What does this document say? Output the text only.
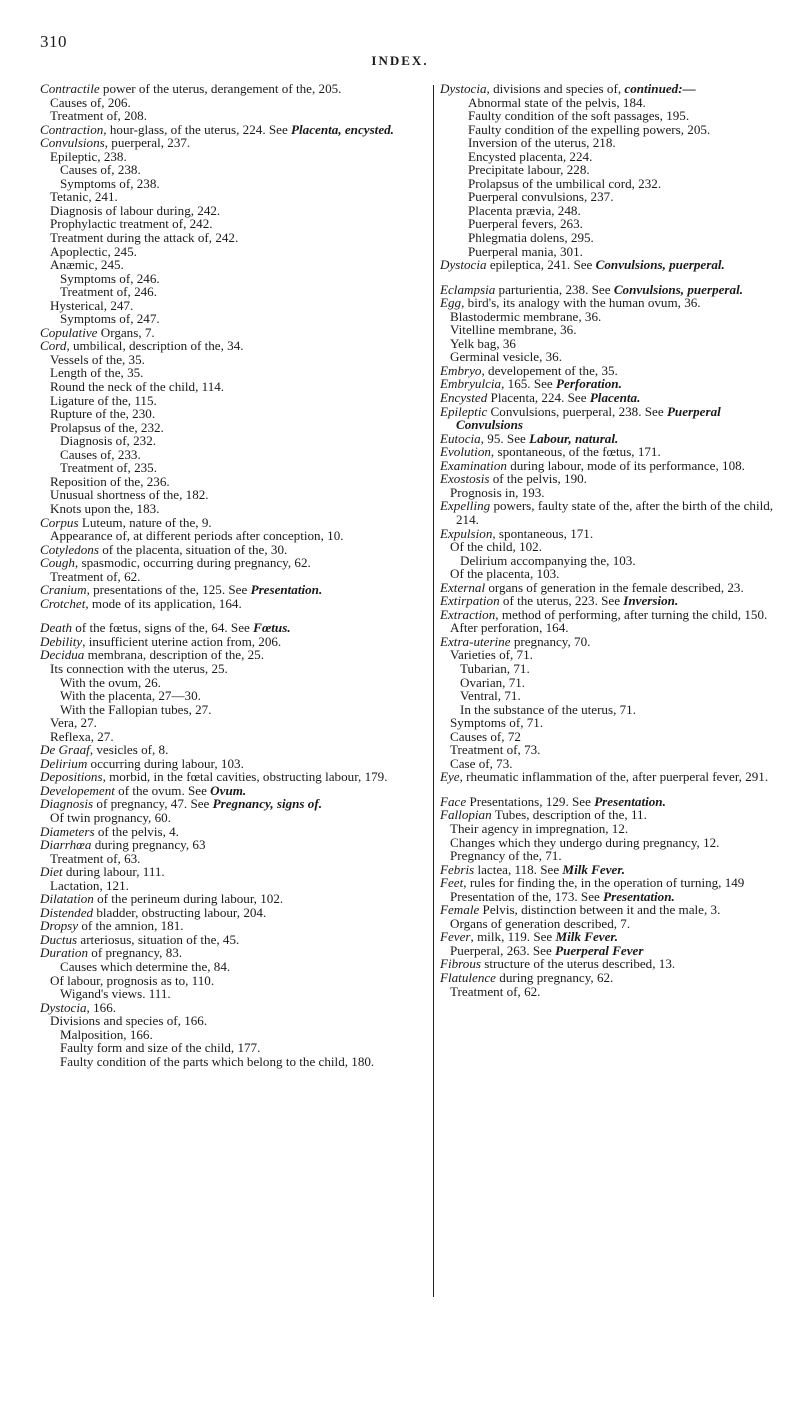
310
INDEX.
Contractile power of the uterus, derangement of the, 205.
Causes of, 206.
Treatment of, 208.
Contraction, hour-glass, of the uterus, 224. See Placenta, encysted.
Convulsions, puerperal, 237.
Epileptic, 238.
Causes of, 238.
Symptoms of, 238.
Tetanic, 241.
Diagnosis of labour during, 242.
Prophylactic treatment of, 242.
Treatment during the attack of, 242.
Apoplectic, 245.
Anæmic, 245.
Symptoms of, 246.
Treatment of, 246.
Hysterical, 247.
Symptoms of, 247.
Copulative Organs, 7.
Cord, umbilical, description of the, 34.
Vessels of the, 35.
Length of the, 35.
Round the neck of the child, 114.
Ligature of the, 115.
Rupture of the, 230.
Prolapsus of the, 232.
Diagnosis of, 232.
Causes of, 233.
Treatment of, 235.
Reposition of the, 236.
Unusual shortness of the, 182.
Knots upon the, 183.
Corpus Luteum, nature of the, 9.
Appearance of, at different periods after conception, 10.
Cotyledons of the placenta, situation of the, 30.
Cough, spasmodic, occurring during pregnancy, 62.
Treatment of, 62.
Cranium, presentations of the, 125. See Presentation.
Crotchet, mode of its application, 164.
Death of the fœtus, signs of the, 64. See Fœtus.
Debility, insufficient uterine action from, 206.
Decidua membrana, description of the, 25.
Its connection with the uterus, 25.
With the ovum, 26.
With the placenta, 27—30.
With the Fallopian tubes, 27.
Vera, 27.
Reflexa, 27.
De Graaf, vesicles of, 8.
Delirium occurring during labour, 103.
Depositions, morbid, in the fœtal cavities, obstructing labour, 179.
Developement of the ovum. See Ovum.
Diagnosis of pregnancy, 47. See Pregnancy, signs of.
Of twin prognancy, 60.
Diameters of the pelvis, 4.
Diarrhœa during pregnancy, 63
Treatment of, 63.
Diet during labour, 111.
Lactation, 121.
Dilatation of the perineum during labour, 102.
Distended bladder, obstructing labour, 204.
Dropsy of the amnion, 181.
Ductus arteriosus, situation of the, 45.
Duration of pregnancy, 83.
Causes which determine the, 84.
Of labour, prognosis as to, 110.
Wigand's views. 111.
Dystocia, 166.
Divisions and species of, 166.
Malposition, 166.
Faulty form and size of the child, 177.
Faulty condition of the parts which belong to the child, 180.
Dystocia, divisions and species of, continued:—
Abnormal state of the pelvis, 184.
Faulty condition of the soft passages, 195.
Faulty condition of the expelling powers, 205.
Inversion of the uterus, 218.
Encysted placenta, 224.
Precipitate labour, 228.
Prolapsus of the umbilical cord, 232.
Puerperal convulsions, 237.
Placenta prævia, 248.
Puerperal fevers, 263.
Phlegmatia dolens, 295.
Puerperal mania, 301.
Dystocia epileptica, 241. See Convulsions, puerperal.
Eclampsia parturientia, 238. See Convulsions, puerperal.
Egg, bird's, its analogy with the human ovum, 36.
Blastodermic membrane, 36.
Vitelline membrane, 36.
Yelk bag, 36
Germinal vesicle, 36.
Embryo, developement of the, 35.
Embryulcia, 165. See Perforation.
Encysted Placenta, 224. See Placenta.
Epileptic Convulsions, puerperal, 238. See Puerperal Convulsions
Eutocia, 95. See Labour, natural.
Evolution, spontaneous, of the fœtus, 171.
Examination during labour, mode of its performance, 108.
Exostosis of the pelvis, 190.
Prognosis in, 193.
Expelling powers, faulty state of the, after the birth of the child, 214.
Expulsion, spontaneous, 171.
Of the child, 102.
Delirium accompanying the, 103.
Of the placenta, 103.
External organs of generation in the female described, 23.
Extirpation of the uterus, 223. See Inversion.
Extraction, method of performing, after turning the child, 150.
After perforation, 164.
Extra-uterine pregnancy, 70.
Varieties of, 71.
Tubarian, 71.
Ovarian, 71.
Ventral, 71.
In the substance of the uterus, 71.
Symptoms of, 71.
Causes of, 72
Treatment of, 73.
Case of, 73.
Eye, rheumatic inflammation of the, after puerperal fever, 291.
Face Presentations, 129. See Presentation.
Fallopian Tubes, description of the, 11.
Their agency in impregnation, 12.
Changes which they undergo during pregnancy, 12.
Pregnancy of the, 71.
Febris lactea, 118. See Milk Fever.
Feet, rules for finding the, in the operation of turning, 149
Presentation of the, 173. See Presentation.
Female Pelvis, distinction between it and the male, 3.
Organs of generation described, 7.
Fever, milk, 119. See Milk Fever.
Puerperal, 263. See Puerperal Fever
Fibrous structure of the uterus described, 13.
Flatulence during pregnancy, 62.
Treatment of, 62.
